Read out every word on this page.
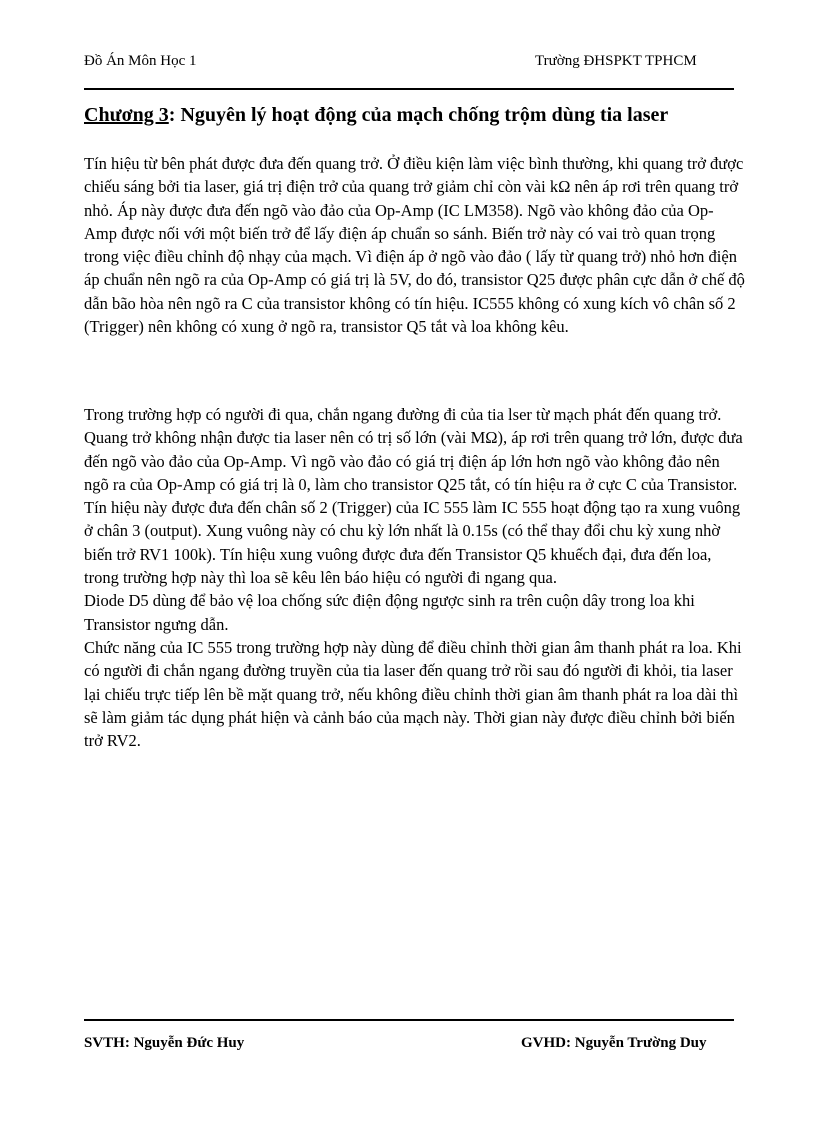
Đồ Án Môn Học 1	Trường ĐHSPKT TPHCM
Chương 3: Nguyên lý hoạt động của mạch chống trộm dùng tia laser

Tín hiệu từ bên phát được đưa đến quang trở. Ở điều kiện làm việc bình thường, khi quang trở được chiếu sáng bởi tia laser, giá trị điện trở của quang trở giảm chỉ còn vài kΩ nên áp rơi trên quang trở nhỏ. Áp này được đưa đến ngõ vào đảo của Op-Amp (IC LM358). Ngõ vào không đảo của Op-Amp được nối với một biến trở để lấy điện áp chuẩn so sánh. Biến trở này có vai trò quan trọng trong việc điều chỉnh độ nhạy của mạch. Vì điện áp ở ngõ vào đảo ( lấy từ quang trở) nhỏ hơn điện áp chuẩn nên ngõ ra của Op-Amp có giá trị là 5V, do đó, transistor Q25 được phân cực dẫn ở chế độ dẫn bão hòa nên ngõ ra C của transistor không có tín hiệu. IC555 không có xung kích vô chân số 2 (Trigger) nên không có xung ở ngõ ra, transistor Q5 tắt và loa không kêu.

Trong trường hợp có người đi qua, chắn ngang đường đi của tia lser từ mạch phát đến quang trở. Quang trở không nhận được tia laser nên có trị số lớn (vài MΩ), áp rơi trên quang trở lớn, được đưa đến ngõ vào đảo của Op-Amp. Vì ngõ vào đảo có giá trị điện áp lớn hơn ngõ vào không đảo nên ngõ ra của Op-Amp có giá trị là 0, làm cho transistor Q25 tắt, có tín hiệu ra ở cực C của Transistor.

Tín hiệu này được đưa đến chân số 2 (Trigger) của IC 555 làm IC 555 hoạt động tạo ra xung vuông ở chân 3 (output). Xung vuông này có chu kỳ lớn nhất là 0.15s (có thể thay đổi chu kỳ xung nhờ biến trở RV1 100k). Tín hiệu xung vuông được đưa đến Transistor Q5 khuếch đại, đưa đến loa, trong trường hợp này thì loa sẽ kêu lên báo hiệu có người đi ngang qua.

Diode D5 dùng để bảo vệ loa chống sức điện động ngược sinh ra trên cuộn dây trong loa khi Transistor ngưng dẫn.

Chức năng của IC 555 trong trường hợp này dùng để điều chỉnh thời gian âm thanh phát ra loa. Khi có người đi chắn ngang đường truyền của tia laser đến quang trở rồi sau đó người đi khỏi, tia laser lại chiếu trực tiếp lên bề mặt quang trở, nếu không điều chỉnh thời gian âm thanh phát ra loa dài thì sẽ làm giảm tác dụng phát hiện và cảnh báo của mạch này. Thời gian này được điều chỉnh bởi biến trở RV2.

SVTH: Nguyễn Đức Huy	GVHD: Nguyễn Trường Duy
